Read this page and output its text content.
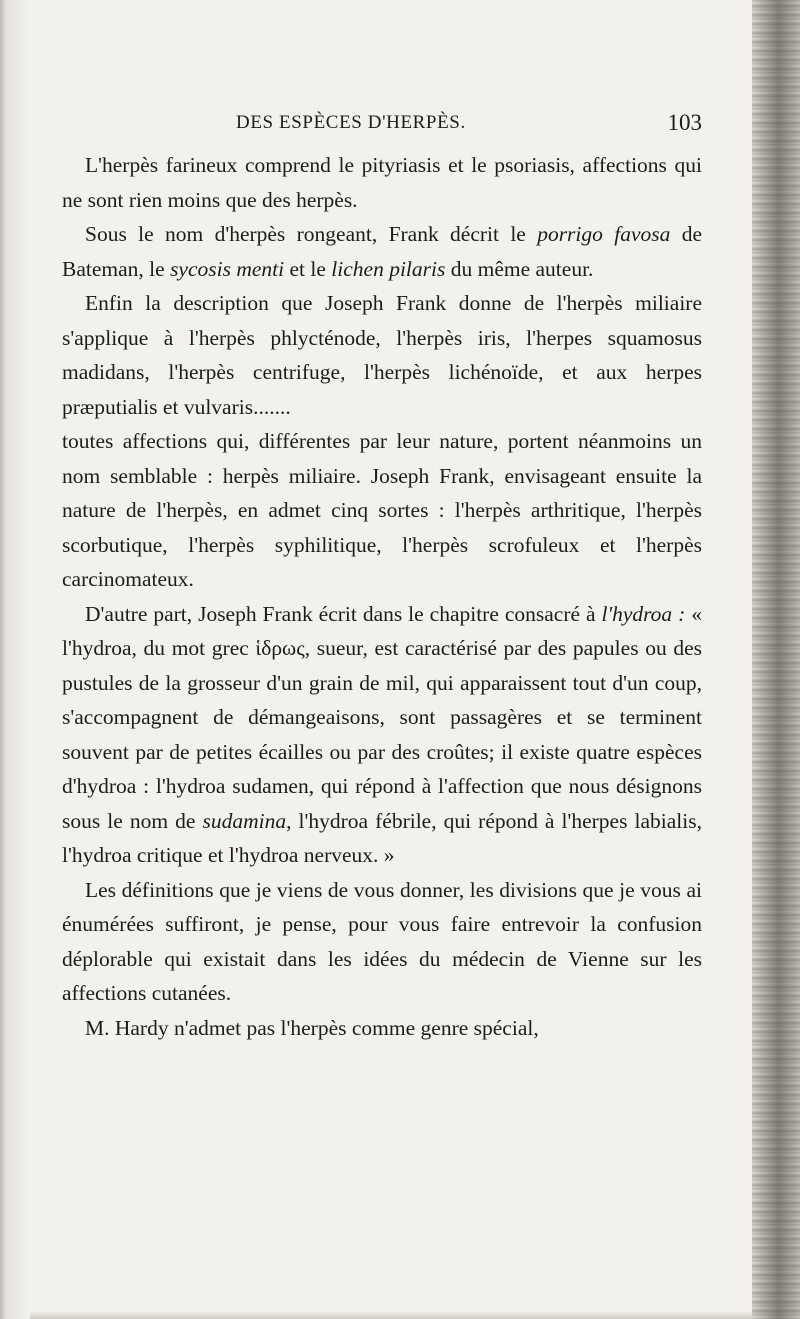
DES ESPÈCES D'HERPÈS.	103

L'herpès farineux comprend le pityriasis et le psoriasis, affections qui ne sont rien moins que des herpès.

Sous le nom d'herpès rongeant, Frank décrit le porrigo favosa de Bateman, le sycosis menti et le lichen pilaris du même auteur.

Enfin la description que Joseph Frank donne de l'herpès miliaire s'applique à l'herpès phlycténode, l'herpès iris, l'herpes squamosus madidans, l'herpès centrifuge, l'herpès lichénoïde, et aux herpes præputialis et vulvaris.......

toutes affections qui, différentes par leur nature, portent néanmoins un nom semblable : herpès miliaire. Joseph Frank, envisageant ensuite la nature de l'herpès, en admet cinq sortes : l'herpès arthritique, l'herpès scorbutique, l'herpès syphilitique, l'herpès scrofuleux et l'herpès carcinomateux.

D'autre part, Joseph Frank écrit dans le chapitre consacré à l'hydroa : « l'hydroa, du mot grec ἱδρως, sueur, est caractérisé par des papules ou des pustules de la grosseur d'un grain de mil, qui apparaissent tout d'un coup, s'accompagnent de démangeaisons, sont passagères et se terminent souvent par de petites écailles ou par des croûtes; il existe quatre espèces d'hydroa : l'hydroa sudamen, qui répond à l'affection que nous désignons sous le nom de sudamina, l'hydroa fébrile, qui répond à l'herpes labialis, l'hydroa critique et l'hydroa nerveux. »

Les définitions que je viens de vous donner, les divisions que je vous ai énumérées suffiront, je pense, pour vous faire entrevoir la confusion déplorable qui existait dans les idées du médecin de Vienne sur les affections cutanées.

M. Hardy n'admet pas l'herpès comme genre spécial,
